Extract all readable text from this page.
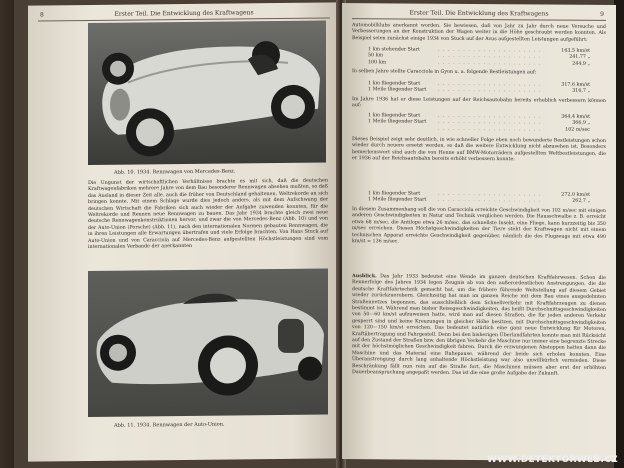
8	Erster Teil. Die Entwicklung des Kraftwagens
Abb. 10. 1934. Rennwagen von Mercedes-Benz.

Die Ungunst der wirtschaftlichen Verhältnisse brachte es mit sich, daß die deutschen Kraftwagenfabriken mehrere Jahre von dem Bau besonderer Rennwagen absehen mußten, so daß das Ausland in dieser Zeit alle, auch die früher von Deutschland gehaltenen, Weltrekorde an sich bringen konnte. Mit einem Schlage wurde dies jedoch anders, als mit dem Aufschwung der deutschen Wirtschaft die Fabriken sich auch wieder der Aufgabe zuwenden konnten, für die Weltrekorde und Rennen neue Rennwagen zu bauen. Das Jahr 1934 brachte gleich zwei neue deutsche Rennwagenkonstruktionen hervor, und zwar die von Mercedes-Benz (Abb. 10) und von der Auto-Union (Porsche) (Abb. 11), nach den internationalen Normen gebauten Rennwagen, die in ihren Leistungen alle Erwartungen übertrafen und viele Erfolge brachten. Von Hans Stuck auf Auto-Union und von Caracciola auf Mercedes-Benz aufgestellten Höchstleistungen sind vom internationalen Verbande der anerkannten

Abb. 11. 1934. Rennwagen der Auto-Union.
Erster Teil. Die Entwicklung des Kraftwagens	9

Automobilklubs anerkannt worden. Sie bewiesen, daß von Jahr zu Jahr durch neue Versuche und Verbesserungen an der Konstruktion der Wagen weiter in die Höhe geschraubt werden konnten. Als Beispiel seien zunächst einige 1934 von Stuck auf der Avus aufgestellten Leistungen aufgeführt:

1 km stehender Start	. . . . . . . . . . . . . . . . . . . . .	163,5 km/st
50 km	. . . . . . . . . . . . . . . . . . . . .	241,77 „
100 km	. . . . . . . . . . . . . . . . . . . . .	244,9 „

In selben Jahre stellte Caracciola in Gyon u. a. folgende Bestleistungen auf:

1 km fliegender Start	. . . . . . . . . . . . . . . . . . . . .	317,6 km/st
1 Meile fliegender Start	. . . . . . . . . . . . . . . . . . . . .	316,7 „

Im Jahre 1936 hat er diese Leistungen auf der Reichsautobahn bereits erheblich verbessern können auf:

1 km fliegender Start	. . . . . . . . . . . . . . . . . . . . .	364,4 km/st
1 Meile fliegender Start	. . . . . . . . . . . . . . . . . . . . .	366,9 „
. . . . . . . . . . . . . . . . . . . . .	102 m/sec

Dieses Beispiel zeigt sehr deutlich, in wie schneller Folge eben noch bewunderte Bestleistungen schon wieder durch neuere ersetzt werden, so daß die weitere Entwicklung nicht abzusehen ist. Besonders bemerkenswert sind auch die von Henne auf BMW-Motorrädern aufgestellten Weltbestleistungen, die er 1936 auf der Reichsautobahn bereits erhöht verbessern konnte:

1 km fliegender Start	. . . . . . . . . . . . . . . . . . . . .	272,0 km/st
1 Meile fliegender Start	. . . . . . . . . . . . . . . . . . . . .	262,7 „

In diesem Zusammenhang soll die von Caracciola erreichte Geschwindigkeit von 102 m/sec mit einigen anderen Geschwindigkeiten in Natur und Technik verglichen werden. Die Hausschwalbe z. B. erreicht etwa 68 m/sec, die Antilope etwa 26 m/sec, das schnellste Insekt, eine Fliege, kann kurzzeitig bis 350 m/sec erreichen. Diesen Höchstgeschwindigkeiten der Tiere steht der Kraftwagen nicht mit einem technischen Apparat erreichte Geschwindigkeit gegenüber, nämlich die des Flugzeugs mit etwa 490 km/st = 136 m/sec.

Ausblick. Das Jahr 1933 bedeutet eine Wende im ganzen deutschen Kraftfahrwesen. Schon die Rennerfolge des Jahres 1934 legen Zeugnis ab von den außerordentlichen Anstrengungen, die die deutsche Kraftfahrtechnik gemacht hat, um die frühere führende Weltstellung auf diesem Gebiet wieder zurückzuerobern. Gleichzeitig hat man im ganzen Reiche mit dem Bau eines ausgedehnten Straßennetzes begonnen, das ausschließlich dem Schnellverkehr mit Kraftfahrzeugen zu dienen bestimmt ist. Während man bisher Reisegeschwindigkeiten, das heißt Durchschnittsgeschwindigkeiten von 50—60 km/st aufzuweisen hatte, wird man auf diesen Straßen, die für jeden anderen Verkehr gesperrt sind und keine Kreuzungen in gleicher Höhe besitzen, mit Durchschnittsgeschwindigkeiten von 120—150 km/st erreichen. Das bedeutet natürlich eine ganz neue Entwicklung für Motoren, Kraftübertragung und Fahrgestell. Denn bei den bisherigen Überlandfahrten konnte man mit Rücksicht auf den Zustand der Straßen bzw. den übrigen Verkehr die Maschine nur immer eine begrenzte Strecke mit der höchstmöglichen Geschwindigkeit fahren. Durch die erzwungenen Abstoppen hatten dann die Maschine und das Material eine Ruhepause, während der beide sich erholen konnten. Eine Überanstrengung durch lang anhaltende Höchstleistung war also unwillkürlich vermieden. Diese Beschränkung fällt nun rein auf die Straße fort, die Maschinen müssen aber erst der erhöhten Dauerbeanspruchung angepaßt werden. Das ist die eine große Aufgabe der Zukunft.

WWW.DETEKTORWEB.CZ
